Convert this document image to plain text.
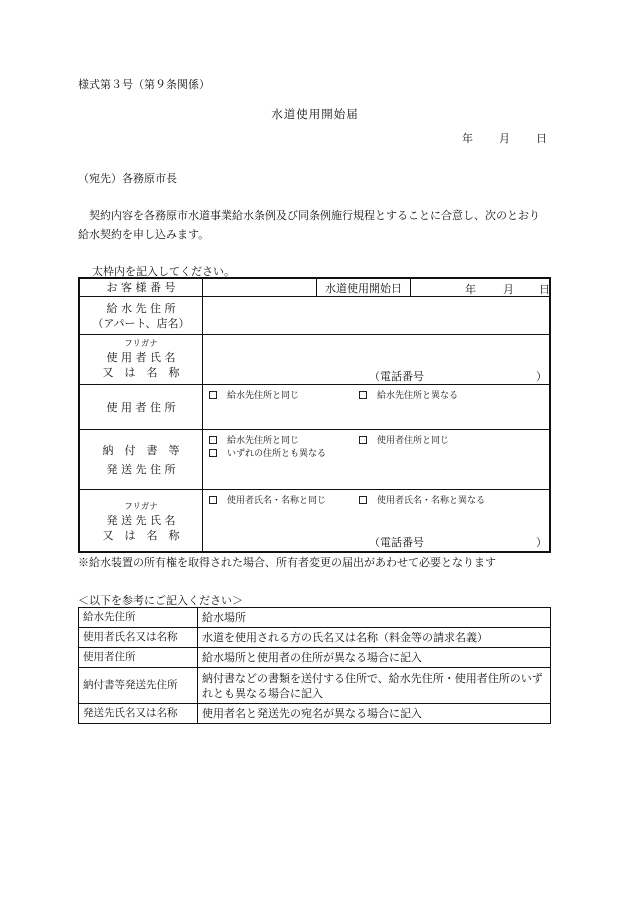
様式第３号（第９条関係）
水道使用開始届
年 月 日
（宛先）各務原市長
契約内容を各務原市水道事業給水条例及び同条例施行規程とすることに合意し、次のとおり給水契約を申し込みます。
太枠内を記入してください。
お 客 様 番 号	水道使用開始日	年 月 日
給 水 先 住 所
（アパート、店名）
フリガナ
使 用 者 氏 名
又　は　名　称	（電話番号	）
使 用 者 住 所
給水先住所と同じ	給水先住所と異なる
納　付　書　等
発 送 先 住 所
給水先住所と同じ	使用者住所と同じ
いずれの住所とも異なる
フリガナ
発 送 先 氏 名
又　は　名　称
使用者氏名・名称と同じ	使用者氏名・名称と異なる
（電話番号	）
※給水装置の所有権を取得された場合、所有者変更の届出があわせて必要となります
＜以下を参考にご記入ください＞
給水先住所	給水場所
使用者氏名又は名称	水道を使用される方の氏名又は名称（料金等の請求名義）
使用者住所	給水場所と使用者の住所が異なる場合に記入
納付書等発送先住所	納付書などの書類を送付する住所で、給水先住所・使用者住所のいずれとも異なる場合に記入
発送先氏名又は名称	使用者名と発送先の宛名が異なる場合に記入
